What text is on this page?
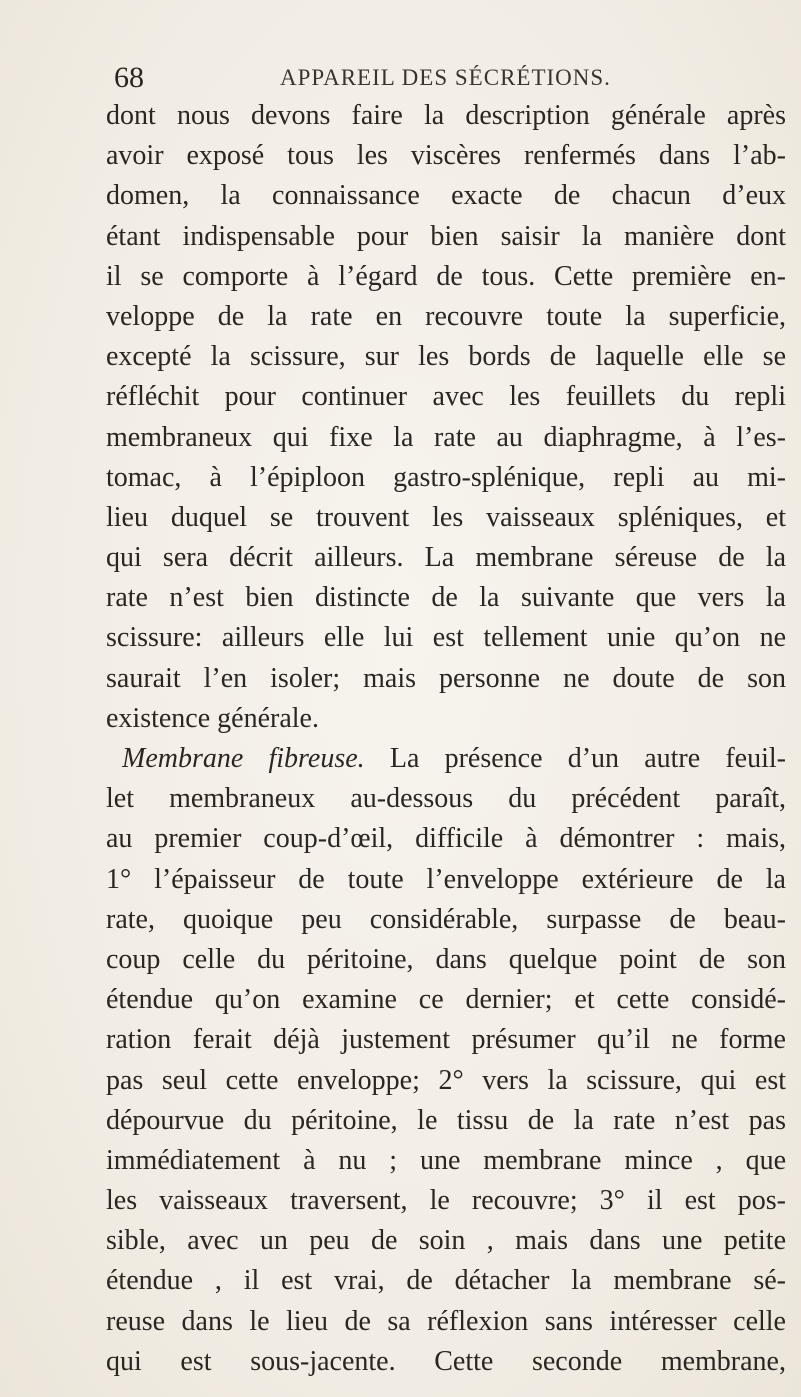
68	APPAREIL DES SÉCRÉTIONS.
dont nous devons faire la description générale après
avoir exposé tous les viscères renfermés dans l’ab-
domen, la connaissance exacte de chacun d’eux
étant indispensable pour bien saisir la manière dont
il se comporte à l’égard de tous. Cette première en-
veloppe de la rate en recouvre toute la superficie,
excepté la scissure, sur les bords de laquelle elle se
réfléchit pour continuer avec les feuillets du repli
membraneux qui fixe la rate au diaphragme, à l’es-
tomac, à l’épiploon gastro-splénique, repli au mi-
lieu duquel se trouvent les vaisseaux spléniques, et
qui sera décrit ailleurs. La membrane séreuse de la
rate n’est bien distincte de la suivante que vers la
scissure: ailleurs elle lui est tellement unie qu’on ne
saurait l’en isoler; mais personne ne doute de son
existence générale.
Membrane fibreuse. La présence d’un autre feuil-
let membraneux au-dessous du précédent paraît,
au premier coup-d’œil, difficile à démontrer : mais,
1° l’épaisseur de toute l’enveloppe extérieure de la
rate, quoique peu considérable, surpasse de beau-
coup celle du péritoine, dans quelque point de son
étendue qu’on examine ce dernier; et cette considé-
ration ferait déjà justement présumer qu’il ne forme
pas seul cette enveloppe; 2° vers la scissure, qui est
dépourvue du péritoine, le tissu de la rate n’est pas
immédiatement à nu ; une membrane mince , que
les vaisseaux traversent, le recouvre; 3° il est pos-
sible, avec un peu de soin , mais dans une petite
étendue , il est vrai, de détacher la membrane sé-
reuse dans le lieu de sa réflexion sans intéresser celle
qui est sous-jacente. Cette seconde membrane,
